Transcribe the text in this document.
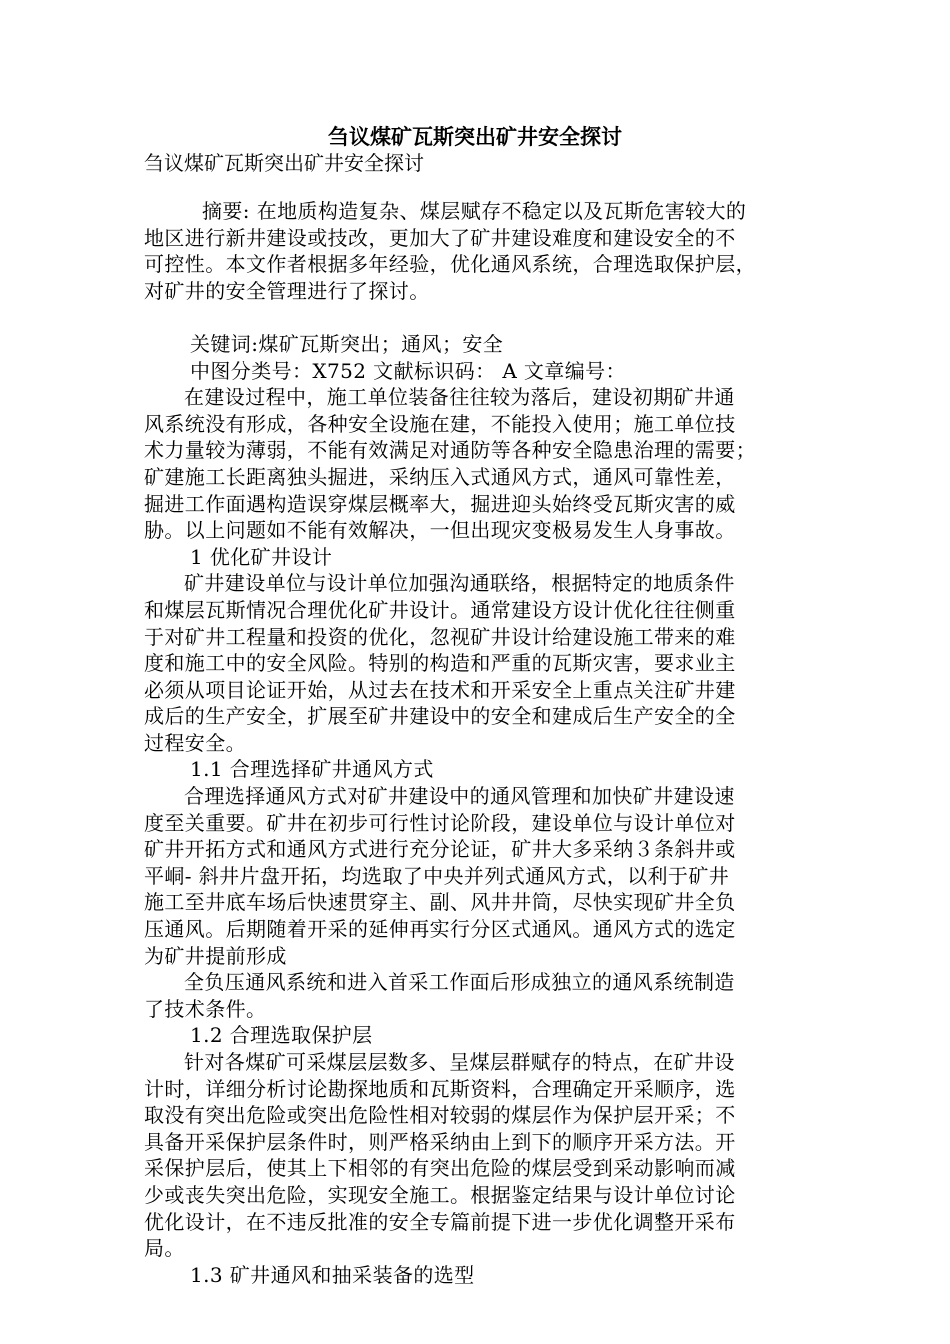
刍议煤矿瓦斯突出矿井安全探讨
刍议煤矿瓦斯突出矿井安全探讨
摘要: 在地质构造复杂、煤层赋存不稳定以及瓦斯危害较大的
地区进行新井建设或技改，更加大了矿井建设难度和建设安全的不
可控性。本文作者根据多年经验，优化通风系统，合理选取保护层，
对矿井的安全管理进行了探讨。
关键词:煤矿瓦斯突出；通风；安全
中图分类号：X752 文献标识码： A 文章编号：
在建设过程中，施工单位装备往往较为落后，建设初期矿井通
风系统没有形成，各种安全设施在建，不能投入使用；施工单位技
术力量较为薄弱，不能有效满足对通防等各种安全隐患治理的需要；
矿建施工长距离独头掘进，采纳压入式通风方式，通风可靠性差，
掘进工作面遇构造误穿煤层概率大，掘进迎头始终受瓦斯灾害的威
胁。以上问题如不能有效解决，一但出现灾变极易发生人身事故。
1 优化矿井设计
矿井建设单位与设计单位加强沟通联络，根据特定的地质条件
和煤层瓦斯情况合理优化矿井设计。通常建设方设计优化往往侧重
于对矿井工程量和投资的优化，忽视矿井设计给建设施工带来的难
度和施工中的安全风险。特别的构造和严重的瓦斯灾害，要求业主
必须从项目论证开始，从过去在技术和开采安全上重点关注矿井建
成后的生产安全，扩展至矿井建设中的安全和建成后生产安全的全
过程安全。
1.1 合理选择矿井通风方式
合理选择通风方式对矿井建设中的通风管理和加快矿井建设速
度至关重要。矿井在初步可行性讨论阶段，建设单位与设计单位对
矿井开拓方式和通风方式进行充分论证，矿井大多采纳３条斜井或
平峒- 斜井片盘开拓，均选取了中央并列式通风方式，以利于矿井
施工至井底车场后快速贯穿主、副、风井井筒，尽快实现矿井全负
压通风。后期随着开采的延伸再实行分区式通风。通风方式的选定
为矿井提前形成
全负压通风系统和进入首采工作面后形成独立的通风系统制造
了技术条件。
1.2 合理选取保护层
针对各煤矿可采煤层层数多、呈煤层群赋存的特点，在矿井设
计时，详细分析讨论勘探地质和瓦斯资料，合理确定开采顺序，选
取没有突出危险或突出危险性相对较弱的煤层作为保护层开采；不
具备开采保护层条件时，则严格采纳由上到下的顺序开采方法。开
采保护层后，使其上下相邻的有突出危险的煤层受到采动影响而减
少或丧失突出危险，实现安全施工。根据鉴定结果与设计单位讨论
优化设计，在不违反批准的安全专篇前提下进一步优化调整开采布
局。
1.3 矿井通风和抽采装备的选型
